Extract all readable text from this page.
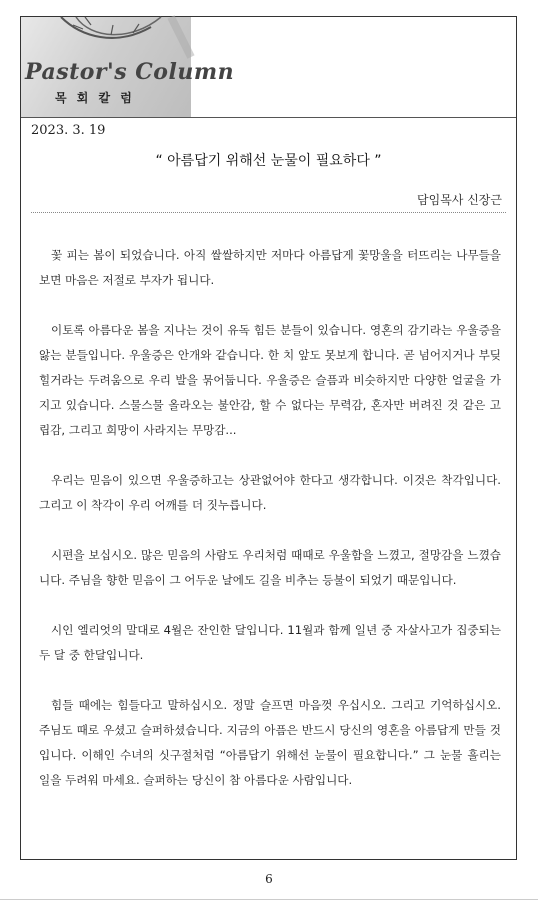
Pastor's Column
목 회 칼 럼
2023. 3. 19
“ 아름답기 위해선 눈물이 필요하다 ”
담임목사 신장근

꽃 피는 봄이 되었습니다. 아직 쌀쌀하지만 저마다 아름답게 꽃망울을 터뜨리는 나무들을 보면 마음은 저절로 부자가 됩니다.

이토록 아름다운 봄을 지나는 것이 유독 힘든 분들이 있습니다. 영혼의 감기라는 우울증을 앓는 분들입니다. 우울증은 안개와 같습니다. 한 치 앞도 못보게 합니다. 곧 넘어지거나 부딪힐거라는 두려움으로 우리 발을 묶어둡니다. 우울증은 슬픔과 비슷하지만 다양한 얼굴을 가지고 있습니다. 스물스물 올라오는 불안감, 할 수 없다는 무력감, 혼자만 버려진 것 같은 고립감, 그리고 희망이 사라지는 무망감...

우리는 믿음이 있으면 우울증하고는 상관없어야 한다고 생각합니다. 이것은 착각입니다. 그리고 이 착각이 우리 어깨를 더 짓누릅니다.

시편을 보십시오. 많은 믿음의 사람도 우리처럼 때때로 우울함을 느꼈고, 절망감을 느꼈습니다. 주님을 향한 믿음이 그 어두운 날에도 길을 비추는 등불이 되었기 때문입니다.

시인 엘리엇의 말대로 4월은 잔인한 달입니다. 11월과 함께 일년 중 자살사고가 집중되는 두 달 중 한달입니다.

힘들 때에는 힘들다고 말하십시오. 정말 슬프면 마음껏 우십시오. 그리고 기억하십시오. 주님도 때로 우셨고 슬퍼하셨습니다. 지금의 아픔은 반드시 당신의 영혼을 아름답게 만들 것입니다. 이해인 수녀의 싯구절처럼 “아름답기 위해선 눈물이 필요합니다.” 그 눈물 흘리는 일을 두려워 마세요. 슬퍼하는 당신이 참 아름다운 사람입니다.

6
